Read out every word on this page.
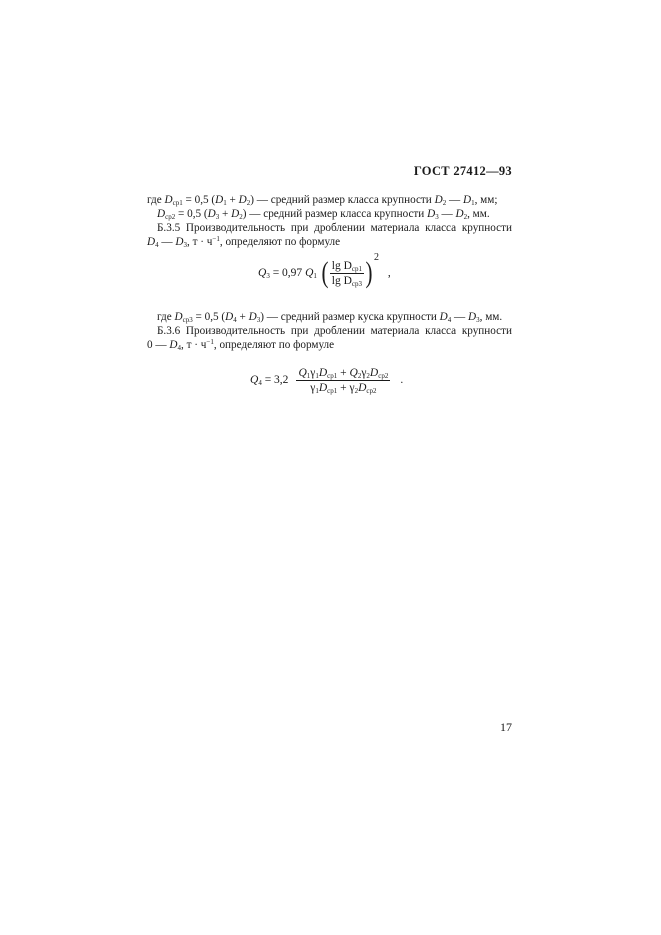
ГОСТ 27412—93
где $D_{ср1} = 0,5$ $(D_1 + D_2)$ — средний размер класса крупности $D_2$ — $D_1$, мм;
$D_{ср2} = 0,5$ $(D_3 + D_2)$ — средний размер класса крупности $D_3$ — $D_2$, мм.
Б.3.5 Производительность при дроблении материала класса крупности
$D_4$ — $D_3$, $т \cdot ч^{-1}$, определяют по формуле
$Q_3 = 0,97$ $Q_1$ ( $\frac{\lg D_{ср1}}{\lg D_{ср3}}$ ) $^2$ ,
где $D_{ср3} = 0,5$ $(D_4 + D_3)$ — средний размер куска крупности $D_4$ — $D_3$, мм.
Б.3.6 Производительность при дроблении материала класса крупности
0 — $D_4$, $т \cdot ч^{-1}$, определяют по формуле
$Q_4 = 3,2 \frac{Q_1\gamma_1D_{ср1} + Q_2\gamma_2D_{ср2}}{\gamma_1D_{ср1} + \gamma_2D_{ср2}}$ .
17
